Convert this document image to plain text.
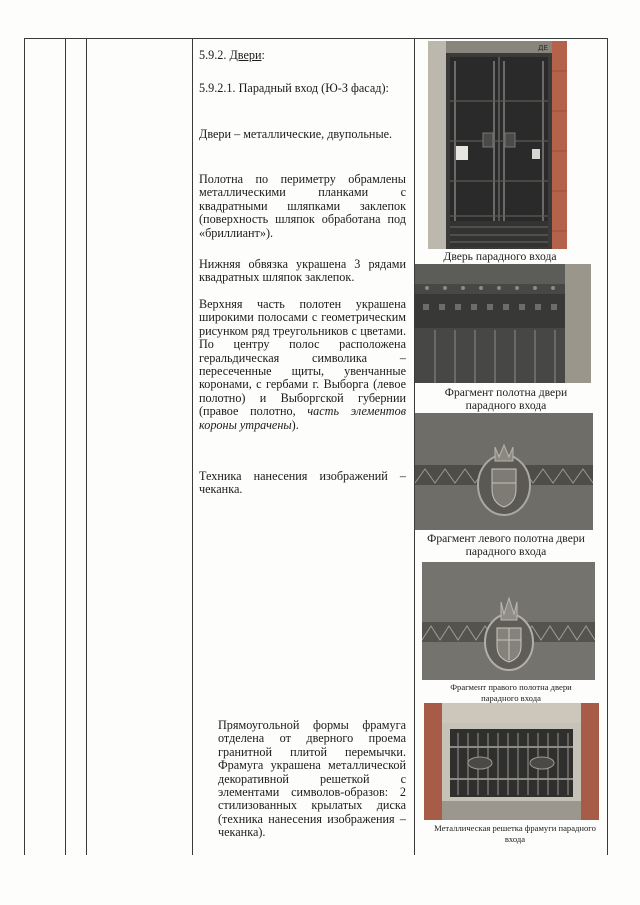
5.9.2. Двери:

5.9.2.1. Парадный вход (Ю-З фасад):

Двери – металлические, двупольные.

Полотна по периметру обрамлены металлическими планками с квадратными шляпками заклепок (поверхность шляпок обработана под «бриллиант»).

Нижняя обвязка украшена 3 рядами квадратных шляпок заклепок.

Верхняя часть полотен украшена широкими полосами с геометрическим рисунком ряд треугольников с цветами. По центру полос расположена геральдическая символика – пересеченные щиты, увенчанные коронами, с гербами г. Выборга (левое полотно) и Выборгской губернии (правое полотно, часть элементов короны утрачены).

Техника нанесения изображений – чеканка.

Прямоугольной формы фрамуга отделена от дверного проема гранитной плитой перемычки. Фрамуга украшена металлической декоративной решеткой с элементами символов-образов: 2 стилизованных крылатых диска (техника нанесения изображения – чеканка).

ДЕ

Дверь парадного входа

Фрагмент полотна двери парадного входа

Фрагмент левого полотна двери парадного входа

Фрагмент правого полотна двери парадного входа

Металлическая решетка фрамуги парадного входа
